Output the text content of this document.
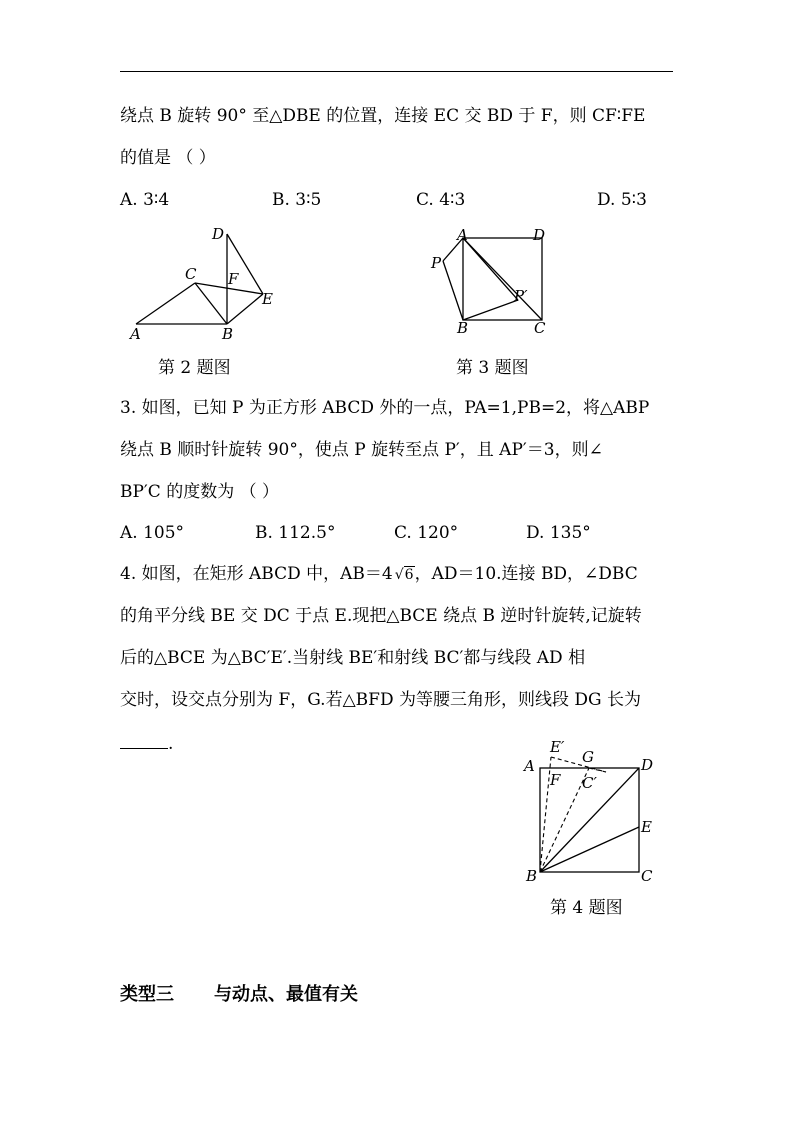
绕点 B 旋转 90° 至△DBE 的位置，连接 EC 交 BD 于 F，则 CF∶FE
的值是 （ ）
A. 3∶4	B. 3∶5	C. 4∶3	D. 5∶3
D
C F
E
A	B
第 2 题图
A	D
P
P′
B	C
第 3 题图
3. 如图，已知 P 为正方形 ABCD 外的一点，PA=1,PB=2，将△ABP
绕点 B 顺时针旋转 90°，使点 P 旋转至点 P′，且 AP′＝3，则∠
BP′C 的度数为 （ ）
A. 105°	B. 112.5°	C. 120°	D. 135°
4. 如图，在矩形 ABCD 中，AB＝4 √6，AD＝10.连接 BD，∠DBC
的角平分线 BE 交 DC 于点 E.现把△BCE 绕点 B 逆时针旋转,记旋转
后的△BCE 为△BC′E′.当射线 BE′和射线 BC′都与线段 AD 相
交时，设交点分别为 F，G.若△BFD 为等腰三角形，则线段 DG 长为
.	E′
G
A	D
F C′
E
B	C
第 4 题图
类型三 与动点、最值有关
